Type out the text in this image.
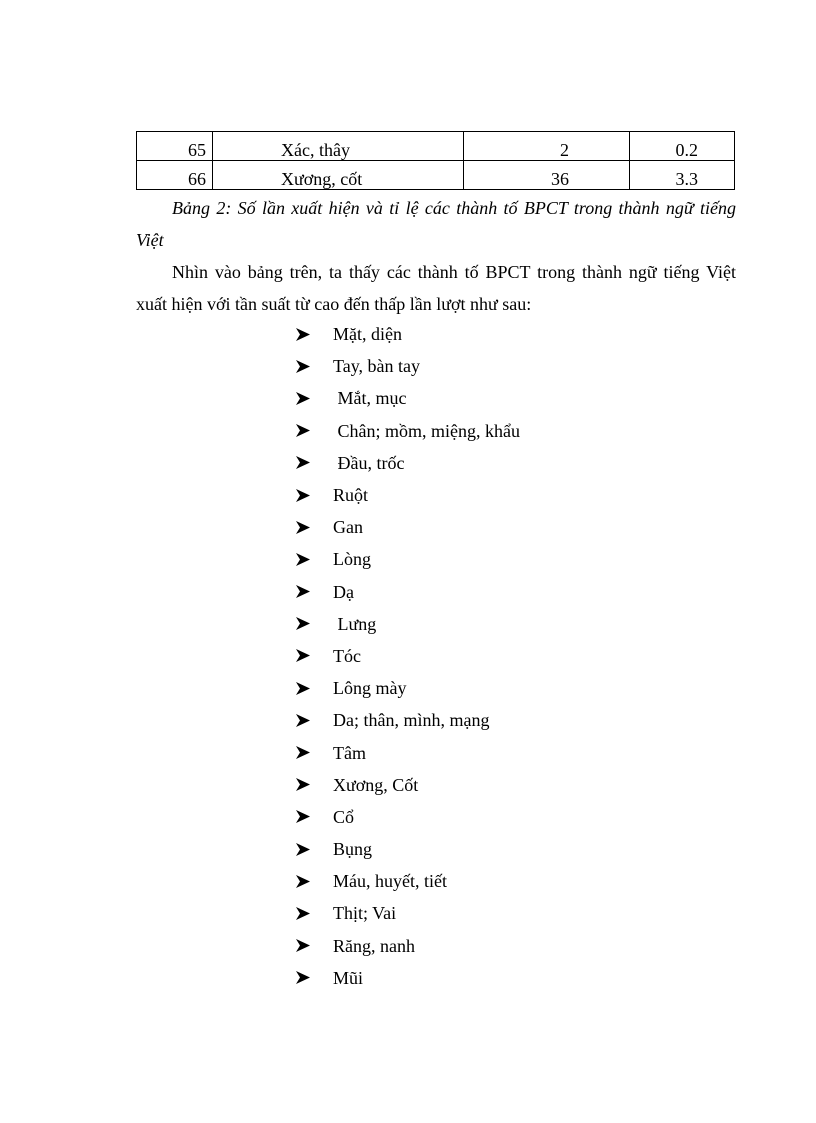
65	Xác, thây	2	0.2
66	Xương, cốt	36	3.3

Bảng 2: Số lần xuất hiện và tỉ lệ các thành tố BPCT trong thành ngữ tiếng Việt

Nhìn vào bảng trên, ta thấy các thành tố BPCT trong thành ngữ tiếng Việt xuất hiện với tần suất từ cao đến thấp lần lượt như sau:

Mặt, diện
Tay, bàn tay
Mắt, mục
Chân; mồm, miệng, khẩu
Đầu, trốc
Ruột
Gan
Lòng
Dạ
Lưng
Tóc
Lông mày
Da; thân, mình, mạng
Tâm
Xương, Cốt
Cổ
Bụng
Máu, huyết, tiết
Thịt; Vai
Răng, nanh
Mũi
